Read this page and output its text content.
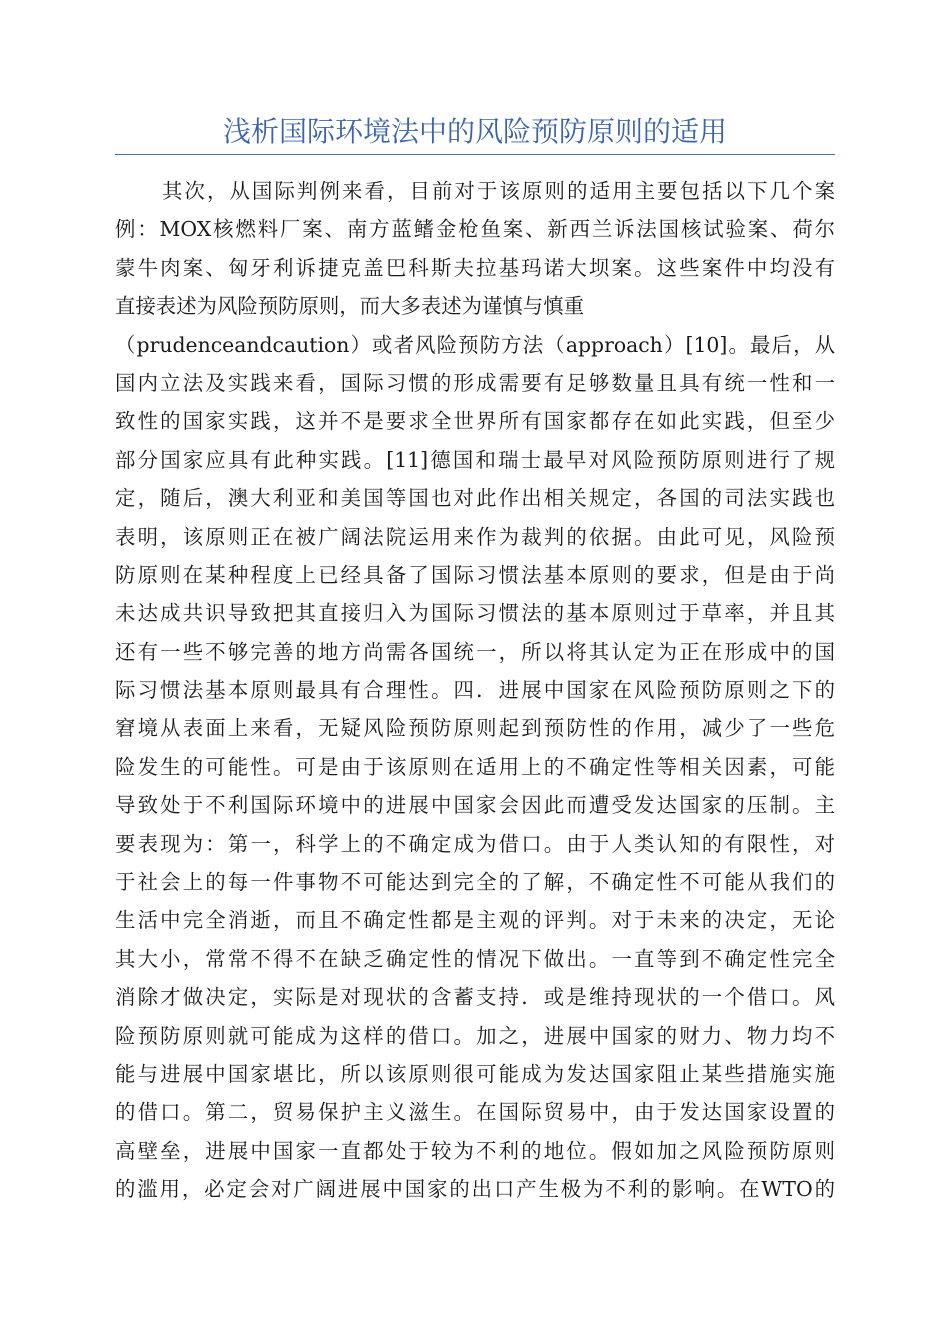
浅析国际环境法中的风险预防原则的适用
其次，从国际判例来看，目前对于该原则的适用主要包括以下几个案
例：MOX核燃料厂案、南方蓝鳍金枪鱼案、新西兰诉法国核试验案、荷尔
蒙牛肉案、匈牙利诉捷克盖巴科斯夫拉基玛诺大坝案。这些案件中均没有
直接表述为风险预防原则，而大多表述为谨慎与慎重
（prudenceandcaution）或者风险预防方法（approach）[10]。最后，从
国内立法及实践来看，国际习惯的形成需要有足够数量且具有统一性和一
致性的国家实践，这并不是要求全世界所有国家都存在如此实践，但至少
部分国家应具有此种实践。[11]德国和瑞士最早对风险预防原则进行了规
定，随后，澳大利亚和美国等国也对此作出相关规定，各国的司法实践也
表明，该原则正在被广阔法院运用来作为裁判的依据。由此可见，风险预
防原则在某种程度上已经具备了国际习惯法基本原则的要求，但是由于尚
未达成共识导致把其直接归入为国际习惯法的基本原则过于草率，并且其
还有一些不够完善的地方尚需各国统一，所以将其认定为正在形成中的国
际习惯法基本原则最具有合理性。四．进展中国家在风险预防原则之下的
窘境从表面上来看，无疑风险预防原则起到预防性的作用，减少了一些危
险发生的可能性。可是由于该原则在适用上的不确定性等相关因素，可能
导致处于不利国际环境中的进展中国家会因此而遭受发达国家的压制。主
要表现为：第一，科学上的不确定成为借口。由于人类认知的有限性，对
于社会上的每一件事物不可能达到完全的了解，不确定性不可能从我们的
生活中完全消逝，而且不确定性都是主观的评判。对于未来的决定，无论
其大小，常常不得不在缺乏确定性的情况下做出。一直等到不确定性完全
消除才做决定，实际是对现状的含蓄支持．或是维持现状的一个借口。风
险预防原则就可能成为这样的借口。加之，进展中国家的财力、物力均不
能与进展中国家堪比，所以该原则很可能成为发达国家阻止某些措施实施
的借口。第二，贸易保护主义滋生。在国际贸易中，由于发达国家设置的
高壁垒，进展中国家一直都处于较为不利的地位。假如加之风险预防原则
的滥用，必定会对广阔进展中国家的出口产生极为不利的影响。在WTO的
